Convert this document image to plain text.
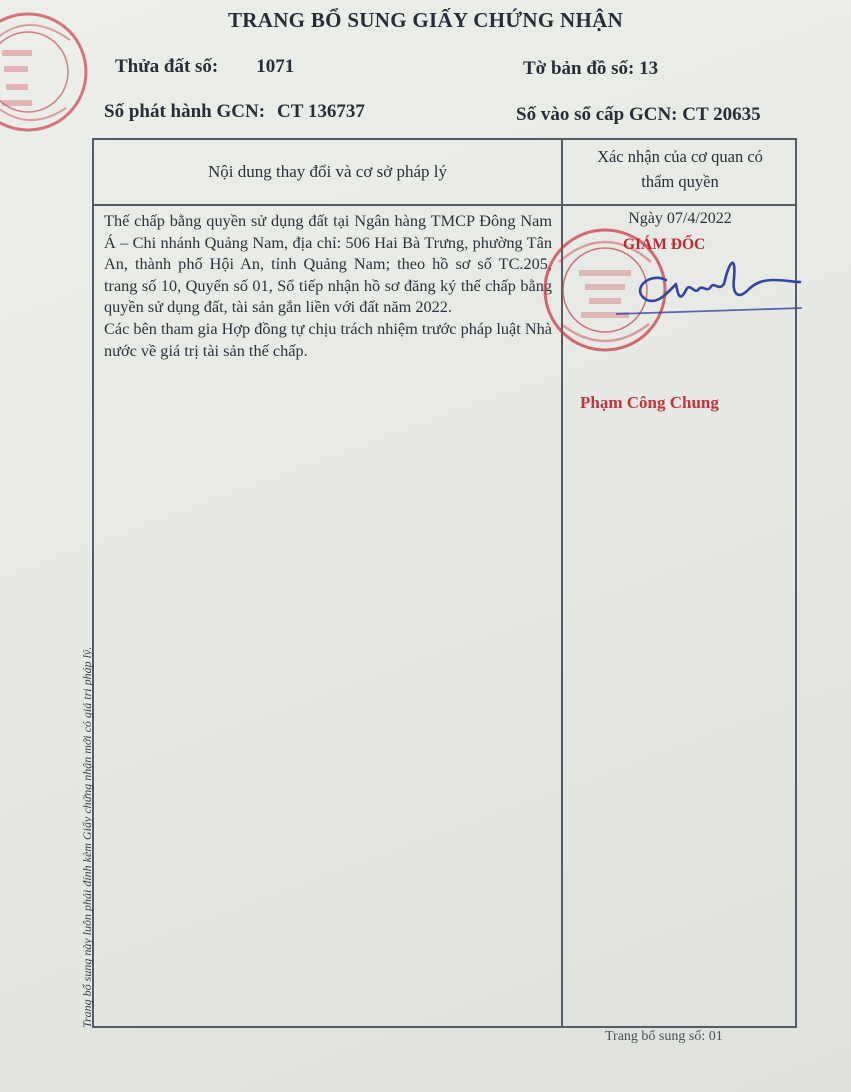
TRANG BỔ SUNG GIẤY CHỨNG NHẬN
Thửa đất số: 1071	Tờ bản đồ số: 13
Số phát hành GCN: CT 136737	Số vào sổ cấp GCN: CT 20635
Nội dung thay đổi và cơ sở pháp lý
Xác nhận của cơ quan có
thẩm quyền

Thế chấp bằng quyền sử dụng đất tại Ngân hàng TMCP Đông Nam Á – Chi nhánh Quảng Nam, địa chỉ: 506 Hai Bà Trưng, phường Tân An, thành phố Hội An, tỉnh Quảng Nam; theo hồ sơ số TC.205, trang số 10, Quyển số 01, Sổ tiếp nhận hồ sơ đăng ký thế chấp bằng quyền sử dụng đất, tài sản gắn liền với đất năm 2022.

Các bên tham gia Hợp đồng tự chịu trách nhiệm trước pháp luật Nhà nước về giá trị tài sản thế chấp.

Ngày 07/4/2022
GIÁM ĐỐC
Phạm Công Chung
Trang bổ sung này luôn phải đính kèm Giấy chứng nhận mới có giá trị pháp lý.
Trang bổ sung số: 01
